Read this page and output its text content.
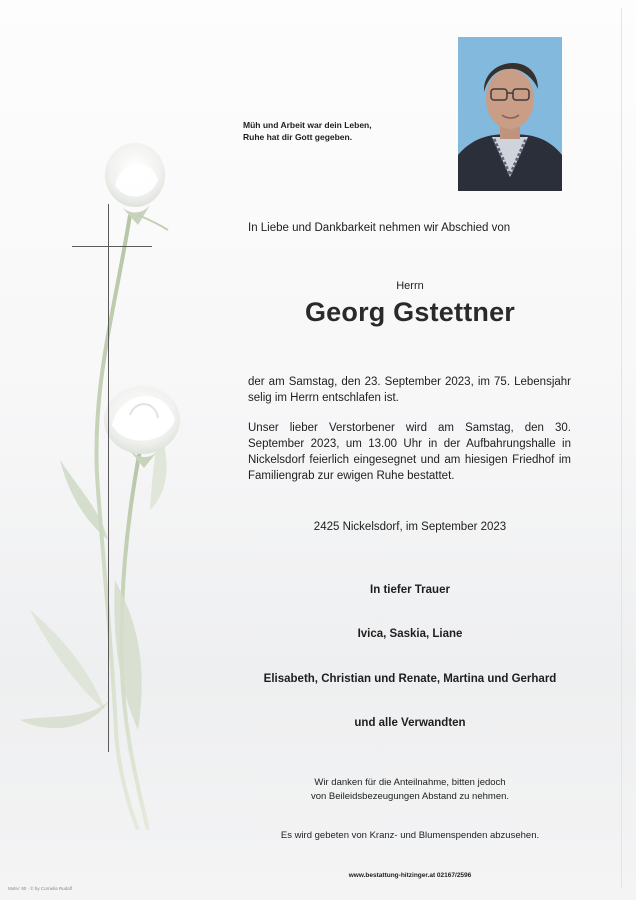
Müh und Arbeit war dein Leben,
Ruhe hat dir Gott gegeben.
In Liebe und Dankbarkeit nehmen wir Abschied von
Herrn
Georg Gstettner
der am Samstag, den 23. September 2023, im 75. Lebensjahr selig im Herrn entschlafen ist.
Unser lieber Verstorbener wird am Samstag, den 30. September 2023, um 13.00 Uhr in der Aufbahrungshalle in Nickelsdorf feierlich eingesegnet und am hiesigen Friedhof im Familiengrab zur ewigen Ruhe bestattet.
2425 Nickelsdorf, im September 2023
In tiefer Trauer
Ivica, Saskia, Liane
Elisabeth, Christian und Renate, Martina und Gerhard
und alle Verwandten
Wir danken für die Anteilnahme, bitten jedoch
von Beileidsbezeugungen Abstand zu nehmen.
Es wird gebeten von Kranz- und Blumenspenden abzusehen.
www.bestattung-hitzinger.at 02167/2596
Motiv: 90 · © by Cornelia Rudolf
